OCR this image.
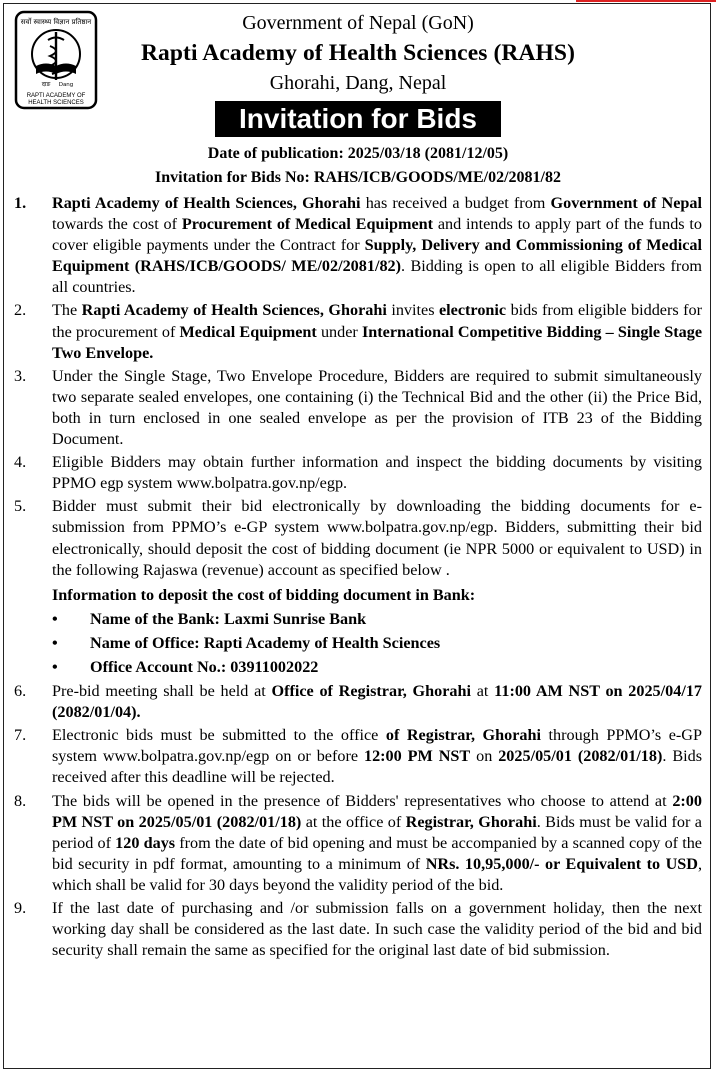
सर्वो स्वास्थ्य विज्ञान प्रतिष्ठान
दाङ Dang
RAPTI ACADEMY OF
HEALTH SCIENCES
Government of Nepal (GoN)
Rapti Academy of Health Sciences (RAHS)
Ghorahi, Dang, Nepal
Invitation for Bids
Date of publication: 2025/03/18 (2081/12/05)
Invitation for Bids No: RAHS/ICB/GOODS/ME/02/2081/82
1.	Rapti Academy of Health Sciences, Ghorahi has received a budget from Government of Nepal towards the cost of Procurement of Medical Equipment and intends to apply part of the funds to cover eligible payments under the Contract for Supply, Delivery and Commissioning of Medical Equipment (RAHS/ICB/GOODS/ ME/02/2081/82). Bidding is open to all eligible Bidders from all countries.
2.	The Rapti Academy of Health Sciences, Ghorahi invites electronic bids from eligible bidders for the procurement of Medical Equipment under International Competitive Bidding – Single Stage Two Envelope.
3.	Under the Single Stage, Two Envelope Procedure, Bidders are required to submit simultaneously two separate sealed envelopes, one containing (i) the Technical Bid and the other (ii) the Price Bid, both in turn enclosed in one sealed envelope as per the provision of ITB 23 of the Bidding Document.
4.	Eligible Bidders may obtain further information and inspect the bidding documents by visiting PPMO egp system www.bolpatra.gov.np/egp.
5.	Bidder must submit their bid electronically by downloading the bidding documents for e-submission from PPMO’s e-GP system www.bolpatra.gov.np/egp. Bidders, submitting their bid electronically, should deposit the cost of bidding document (ie NPR 5000 or equivalent to USD) in the following Rajaswa (revenue) account as specified below .
Information to deposit the cost of bidding document in Bank:
•	Name of the Bank: Laxmi Sunrise Bank
•	Name of Office: Rapti Academy of Health Sciences
•	Office Account No.: 03911002022
6.	Pre-bid meeting shall be held at Office of Registrar, Ghorahi at 11:00 AM NST on 2025/04/17 (2082/01/04).
7.	Electronic bids must be submitted to the office of Registrar, Ghorahi through PPMO’s e-GP system www.bolpatra.gov.np/egp on or before 12:00 PM NST on 2025/05/01 (2082/01/18). Bids received after this deadline will be rejected.
8.	The bids will be opened in the presence of Bidders' representatives who choose to attend at 2:00 PM NST on 2025/05/01 (2082/01/18) at the office of Registrar, Ghorahi. Bids must be valid for a period of 120 days from the date of bid opening and must be accompanied by a scanned copy of the bid security in pdf format, amounting to a minimum of NRs. 10,95,000/- or Equivalent to USD, which shall be valid for 30 days beyond the validity period of the bid.
9.	If the last date of purchasing and /or submission falls on a government holiday, then the next working day shall be considered as the last date. In such case the validity period of the bid and bid security shall remain the same as specified for the original last date of bid submission.
